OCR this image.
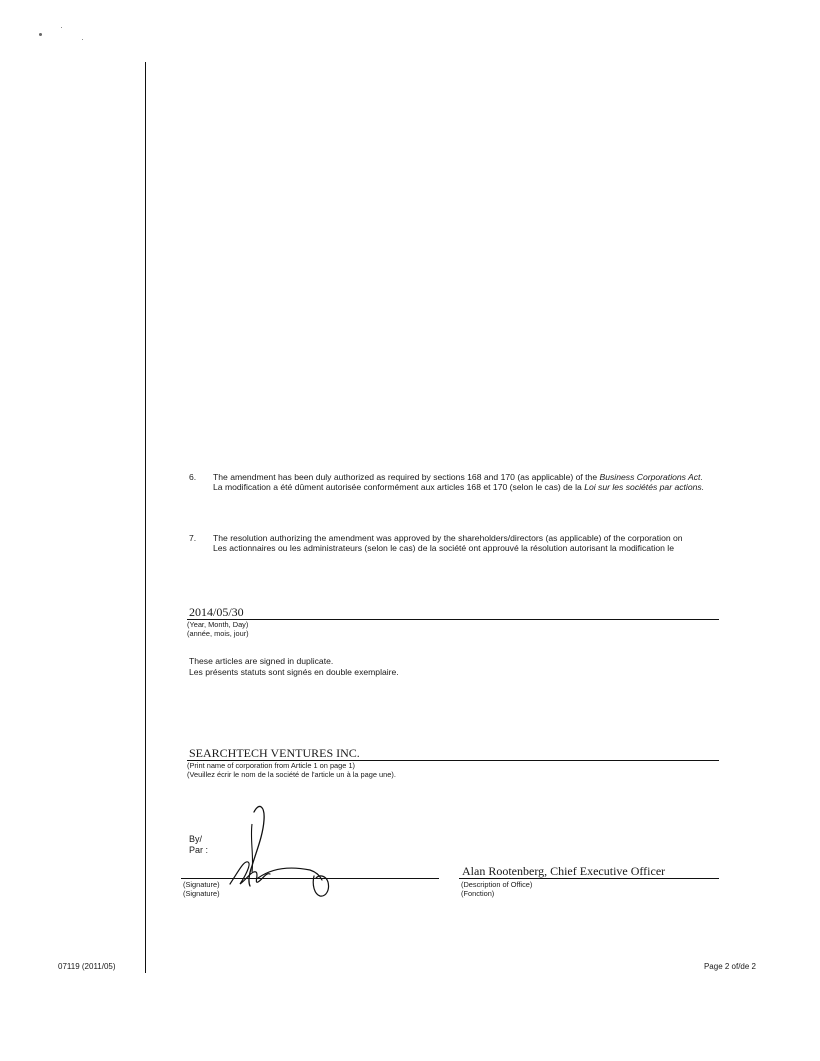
6. The amendment has been duly authorized as required by sections 168 and 170 (as applicable) of the Business Corporations Act.

La modification a été dûment autorisée conformément aux articles 168 et 170 (selon le cas) de la Loi sur les sociétés par actions.

7. The resolution authorizing the amendment was approved by the shareholders/directors (as applicable) of the corporation on

Les actionnaires ou les administrateurs (selon le cas) de la société ont approuvé la résolution autorisant la modification le

2014/05/30
(Year, Month, Day)
(année, mois, jour)
These articles are signed in duplicate.
Les présents statuts sont signés en double exemplaire.
SEARCHTECH VENTURES INC.
(Print name of corporation from Article 1 on page 1)
(Veuillez écrir le nom de la société de l'article un à la page une).
By/
Par :
(Signature)
(Signature)
Alan Rootenberg, Chief Executive Officer
(Description of Office)
(Fonction)
07119 (2011/05)	Page 2 of/de 2
